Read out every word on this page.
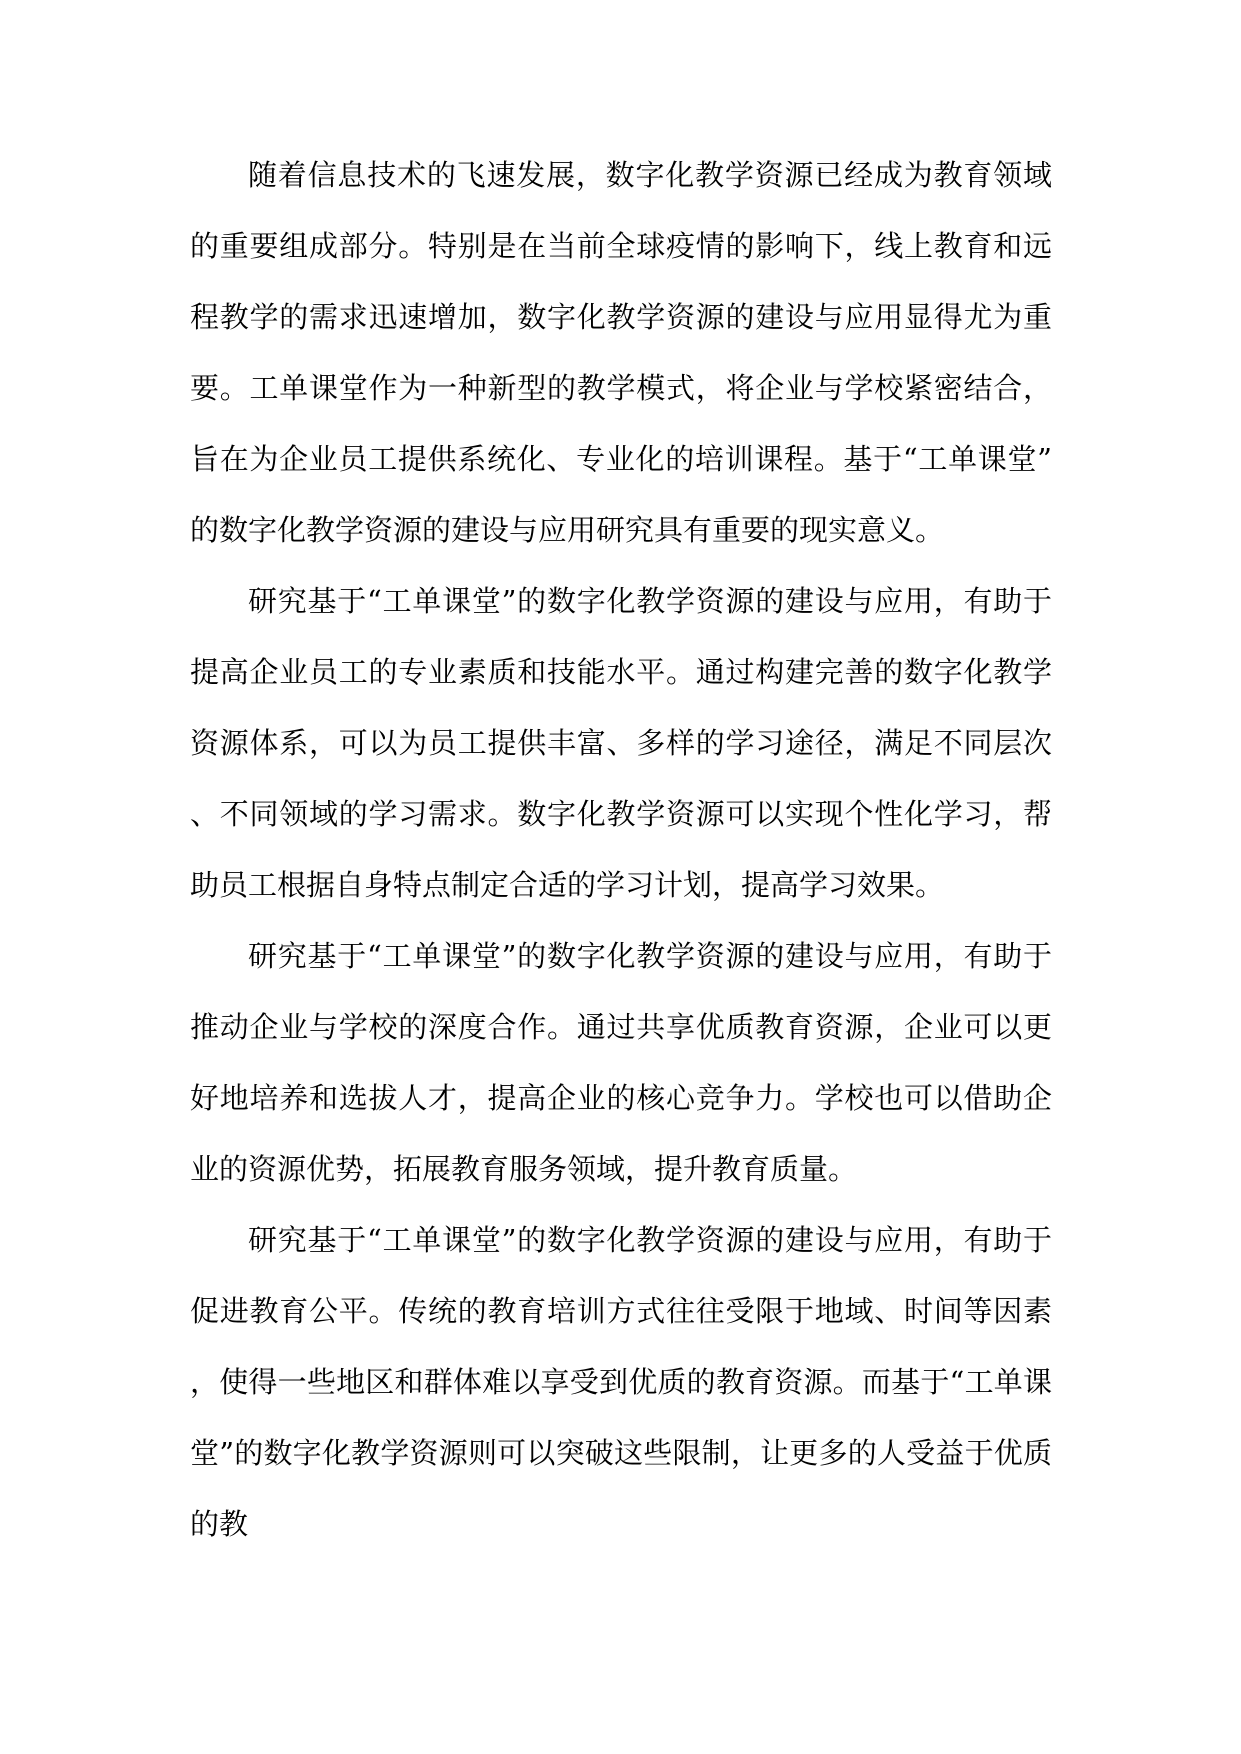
随着信息技术的飞速发展，数字化教学资源已经成为教育领域的重要组成部分。特别是在当前全球疫情的影响下，线上教育和远程教学的需求迅速增加，数字化教学资源的建设与应用显得尤为重要。工单课堂作为一种新型的教学模式，将企业与学校紧密结合，旨在为企业员工提供系统化、专业化的培训课程。基于“工单课堂”的数字化教学资源的建设与应用研究具有重要的现实意义。

研究基于“工单课堂”的数字化教学资源的建设与应用，有助于提高企业员工的专业素质和技能水平。通过构建完善的数字化教学资源体系，可以为员工提供丰富、多样的学习途径，满足不同层次、不同领域的学习需求。数字化教学资源可以实现个性化学习，帮助员工根据自身特点制定合适的学习计划，提高学习效果。

研究基于“工单课堂”的数字化教学资源的建设与应用，有助于推动企业与学校的深度合作。通过共享优质教育资源，企业可以更好地培养和选拔人才，提高企业的核心竞争力。学校也可以借助企业的资源优势，拓展教育服务领域，提升教育质量。

研究基于“工单课堂”的数字化教学资源的建设与应用，有助于促进教育公平。传统的教育培训方式往往受限于地域、时间等因素，使得一些地区和群体难以享受到优质的教育资源。而基于“工单课堂”的数字化教学资源则可以突破这些限制，让更多的人受益于优质的教
